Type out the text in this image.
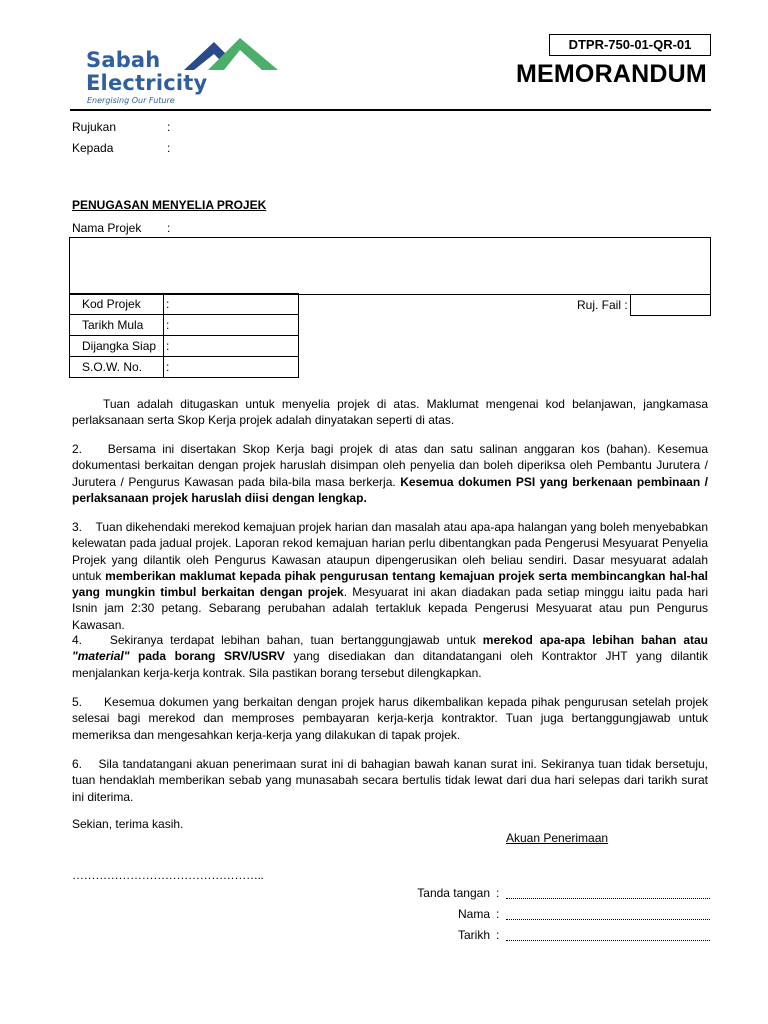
Sabah
Electricity
Energising Our Future
DTPR-750-01-QR-01
MEMORANDUM
Rujukan	:
Kepada	:
PENUGASAN MENYELIA PROJEK
Nama Projek :
Kod Projek	:
Tarikh Mula	:
Dijangka Siap	:
S.O.W. No.	:
Ruj. Fail :
Tuan adalah ditugaskan untuk menyelia projek di atas. Maklumat mengenai kod belanjawan, jangkamasa perlaksanaan serta Skop Kerja projek adalah dinyatakan seperti di atas.
2.    Bersama ini disertakan Skop Kerja bagi projek di atas dan satu salinan anggaran kos (bahan). Kesemua dokumentasi berkaitan dengan projek haruslah disimpan oleh penyelia dan boleh diperiksa oleh Pembantu Jurutera / Jurutera / Pengurus Kawasan pada bila-bila masa berkerja. Kesemua dokumen PSI yang berkenaan pembinaan / perlaksanaan projek haruslah diisi dengan lengkap.
3.    Tuan dikehendaki merekod kemajuan projek harian dan masalah atau apa-apa halangan yang boleh menyebabkan kelewatan pada jadual projek. Laporan rekod kemajuan harian perlu dibentangkan pada Pengerusi Mesyuarat Penyelia Projek yang dilantik oleh Pengurus Kawasan ataupun dipengerusikan oleh beliau sendiri. Dasar mesyuarat adalah untuk memberikan maklumat kepada pihak pengurusan tentang kemajuan projek serta membincangkan hal-hal yang mungkin timbul berkaitan dengan projek. Mesyuarat ini akan diadakan pada setiap minggu iaitu pada hari Isnin jam 2:30 petang. Sebarang perubahan adalah tertakluk kepada Pengerusi Mesyuarat atau pun Pengurus Kawasan.
4.    Sekiranya terdapat lebihan bahan, tuan bertanggungjawab untuk merekod apa-apa lebihan bahan atau "material" pada borang SRV/USRV yang disediakan dan ditandatangani oleh Kontraktor JHT yang dilantik menjalankan kerja-kerja kontrak. Sila pastikan borang tersebut dilengkapkan.
5.     Kesemua dokumen yang berkaitan dengan projek harus dikembalikan kepada pihak pengurusan setelah projek selesai bagi merekod dan memproses pembayaran kerja-kerja kontraktor. Tuan juga bertanggungjawab untuk memeriksa dan mengesahkan kerja-kerja yang dilakukan di tapak projek.
6.    Sila tandatangani akuan penerimaan surat ini di bahagian bawah kanan surat ini. Sekiranya tuan tidak bersetuju, tuan hendaklah memberikan sebab yang munasabah secara bertulis tidak lewat dari dua hari selepas dari tarikh surat ini diterima.
Sekian, terima kasih.
Akuan Penerimaan
…………………………………………..
Tanda tangan :
Nama :
Tarikh :
